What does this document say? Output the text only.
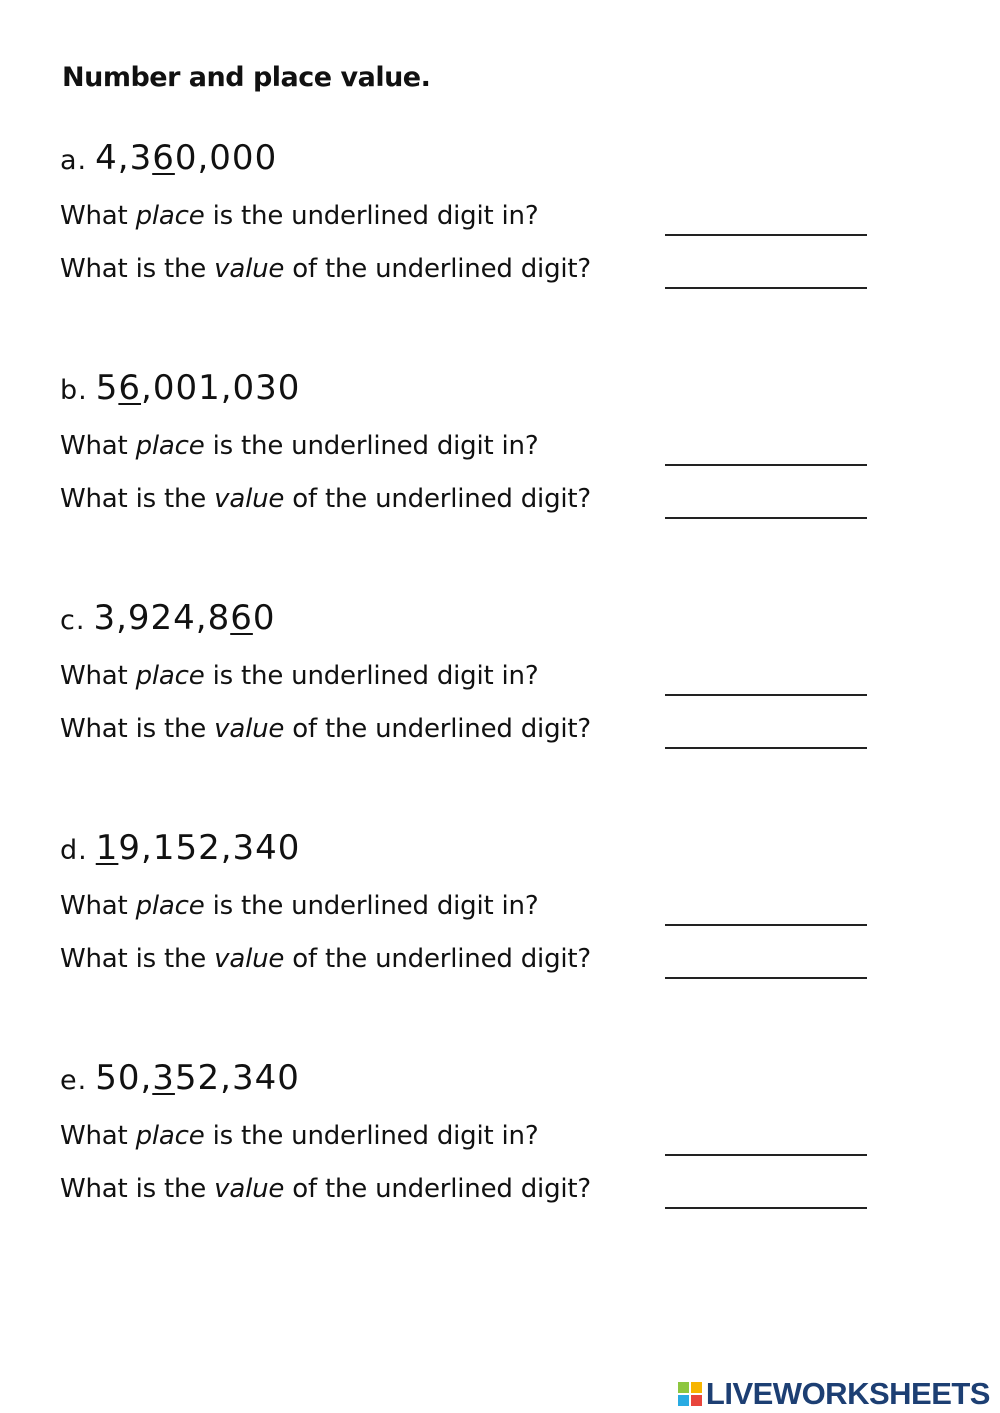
Number and place value.
a. 4,360,000
What place is the underlined digit in?
What is the value of the underlined digit?
b. 56,001,030
What place is the underlined digit in?
What is the value of the underlined digit?
c. 3,924,860
What place is the underlined digit in?
What is the value of the underlined digit?
d. 19,152,340
What place is the underlined digit in?
What is the value of the underlined digit?
e. 50,352,340
What place is the underlined digit in?
What is the value of the underlined digit?
LIVEWORKSHEETS
